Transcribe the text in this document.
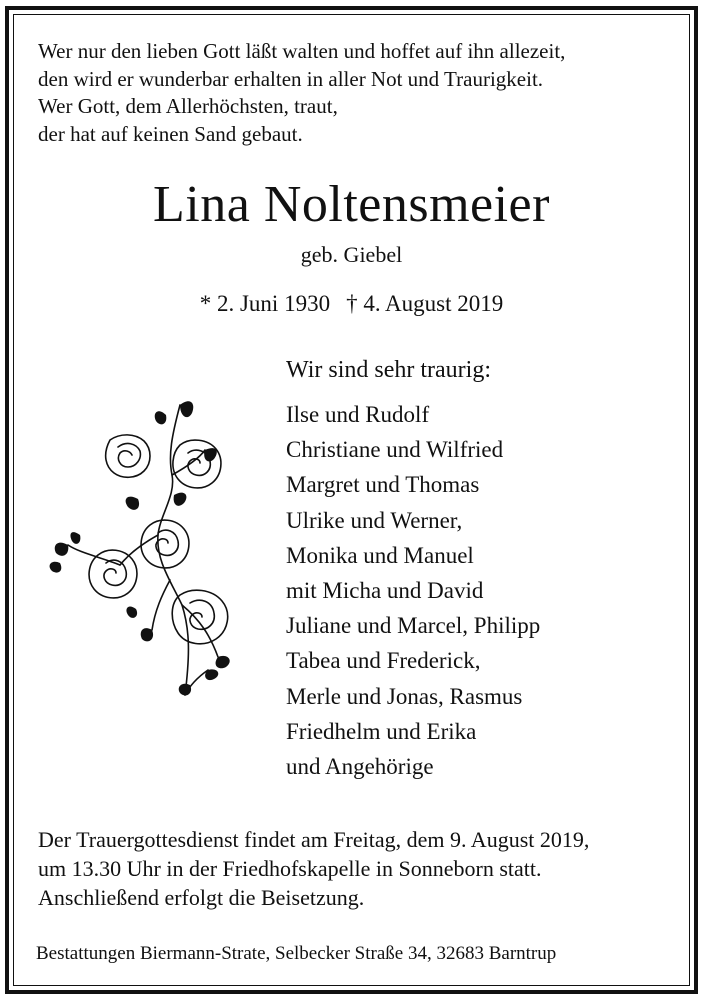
Wer nur den lieben Gott läßt walten und hoffet auf ihn allezeit,
den wird er wunderbar erhalten in aller Not und Traurigkeit.
Wer Gott, dem Allerhöchsten, traut,
der hat auf keinen Sand gebaut.
Lina Noltensmeier
geb. Giebel
* 2. Juni 1930 † 4. August 2019
Wir sind sehr traurig:
Ilse und Rudolf
Christiane und Wilfried
Margret und Thomas
Ulrike und Werner,
Monika und Manuel
mit Micha und David
Juliane und Marcel, Philipp
Tabea und Frederick,
Merle und Jonas, Rasmus
Friedhelm und Erika
und Angehörige
Der Trauergottesdienst findet am Freitag, dem 9. August 2019,
um 13.30 Uhr in der Friedhofskapelle in Sonneborn statt.
Anschließend erfolgt die Beisetzung.
Bestattungen Biermann-Strate, Selbecker Straße 34, 32683 Barntrup
